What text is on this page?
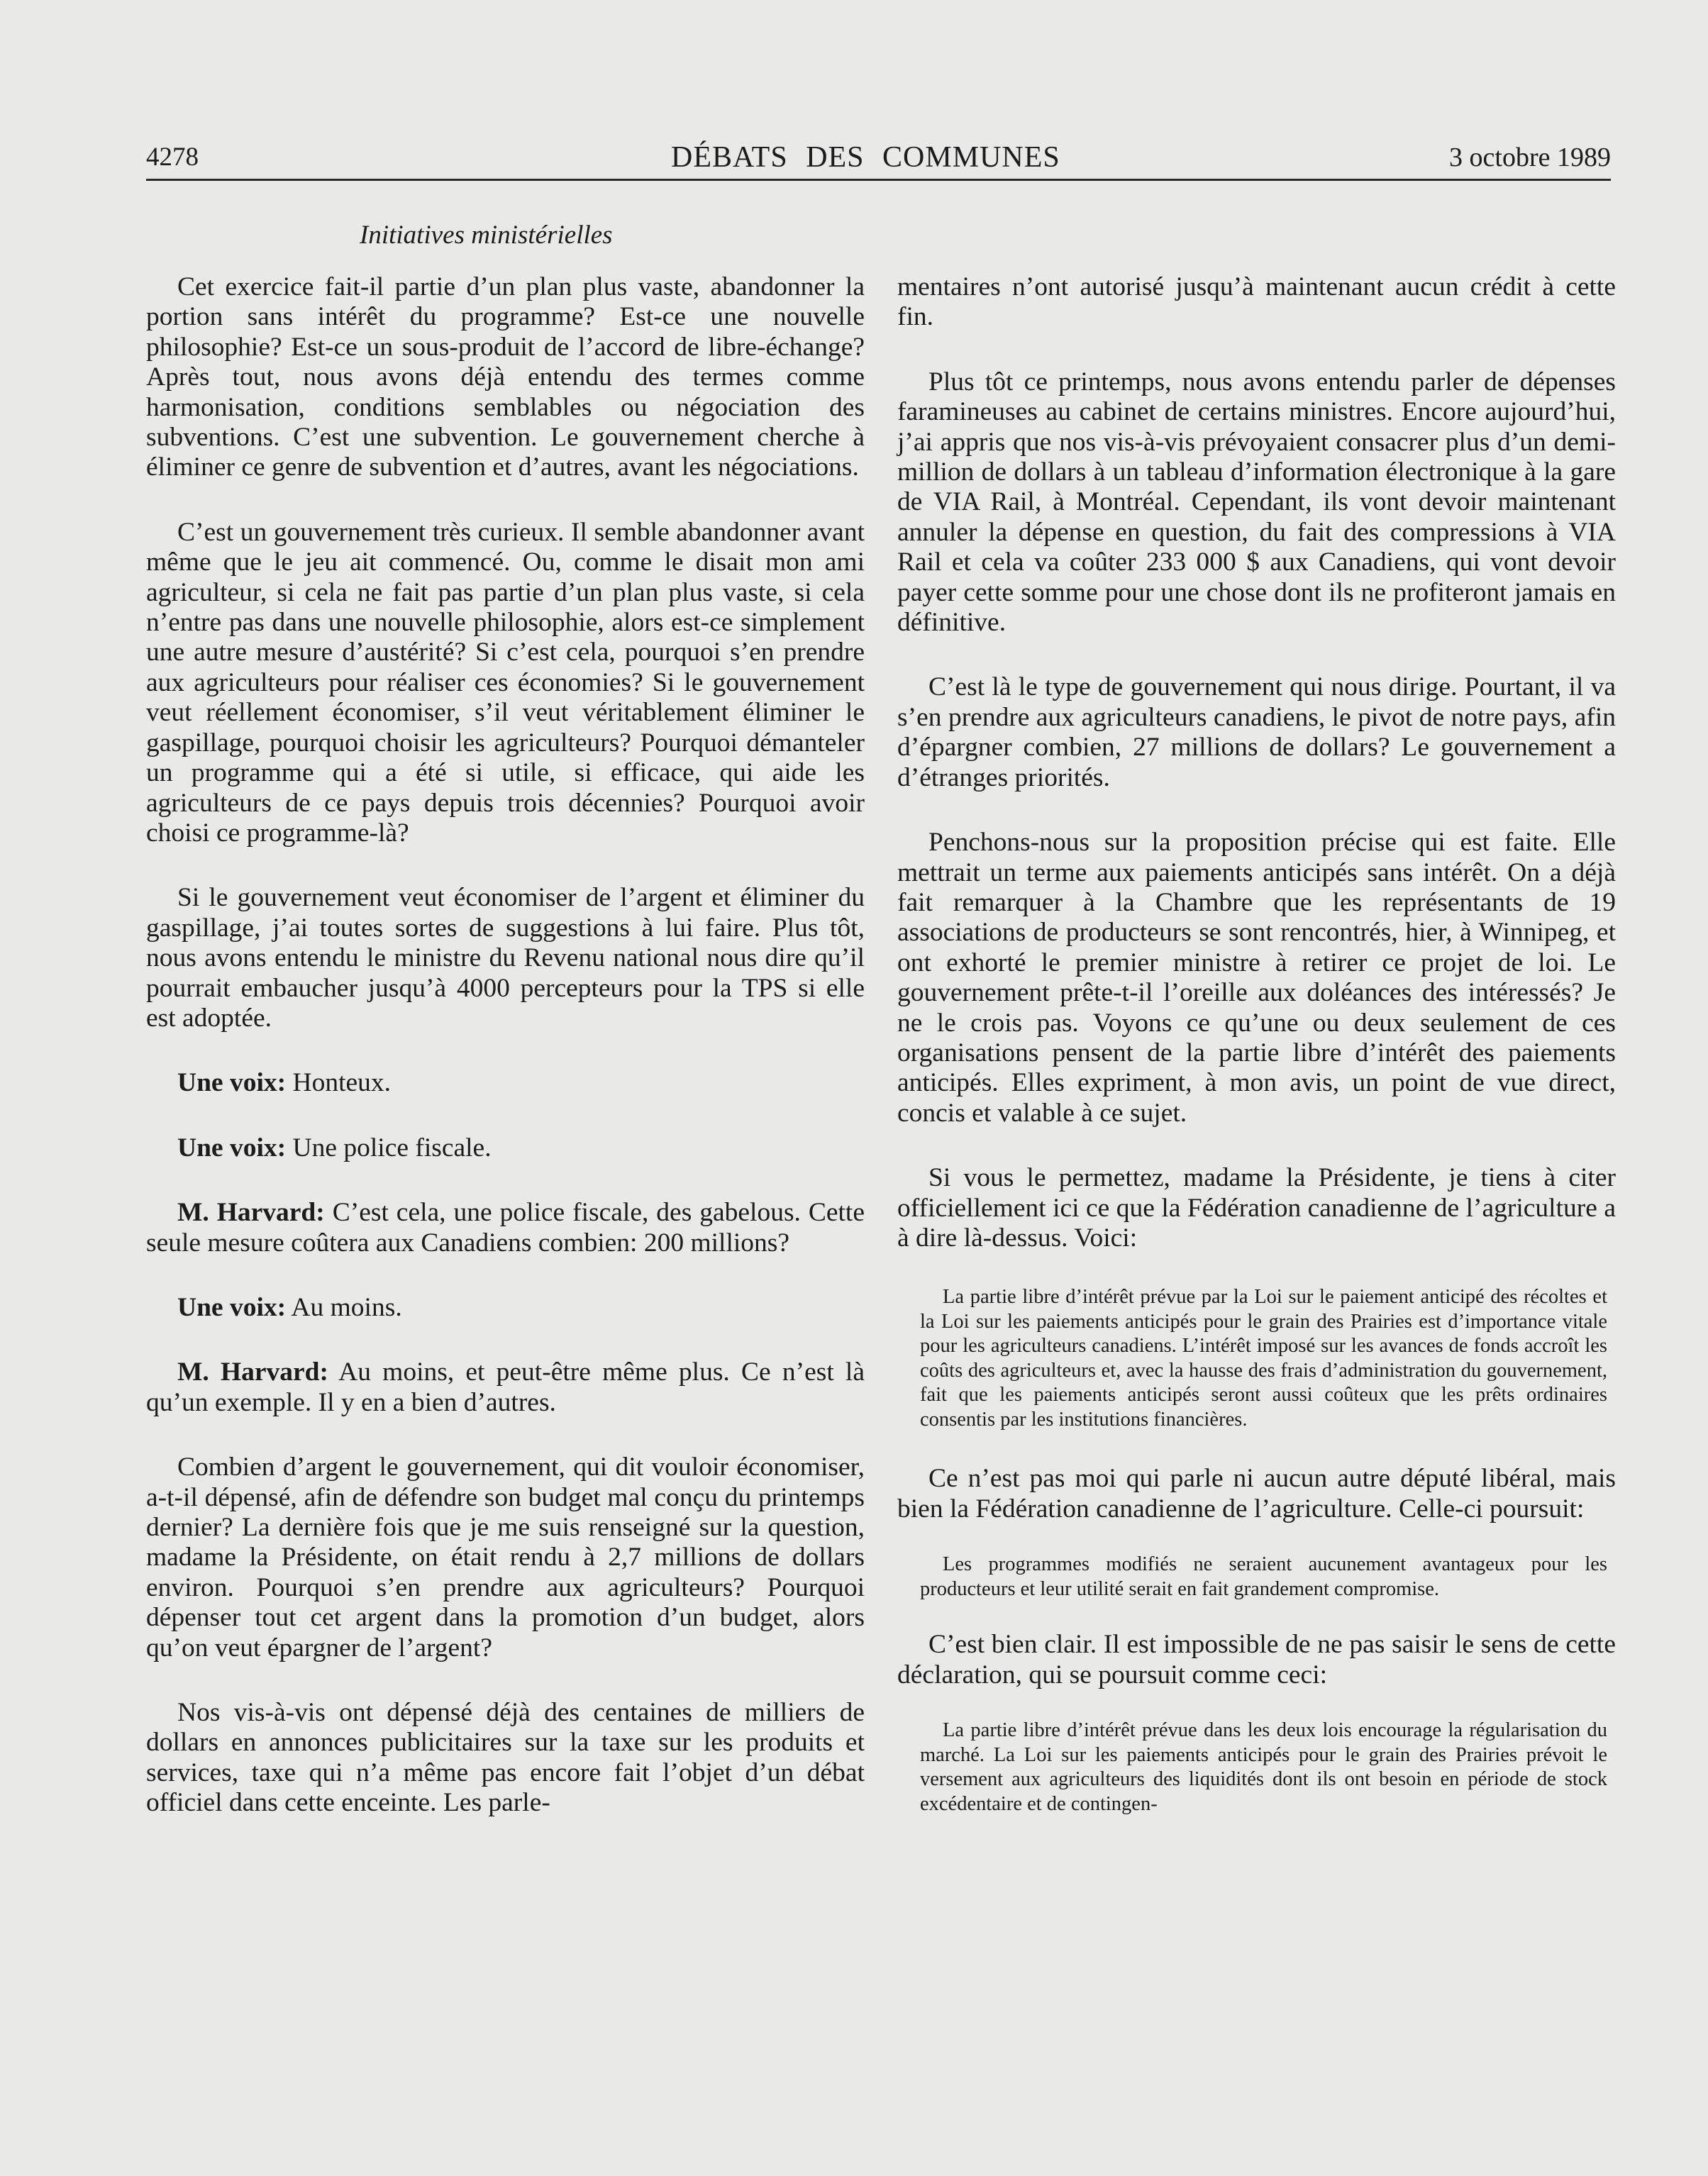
4278	DÉBATS DES COMMUNES	3 octobre 1989
Initiatives ministérielles

Cet exercice fait-il partie d’un plan plus vaste, abandonner la portion sans intérêt du programme? Est-ce une nouvelle philosophie? Est-ce un sous-produit de l’accord de libre-échange? Après tout, nous avons déjà entendu des termes comme harmonisation, conditions semblables ou négociation des subventions. C’est une subvention. Le gouvernement cherche à éliminer ce genre de subvention et d’autres, avant les négociations.

C’est un gouvernement très curieux. Il semble abandonner avant même que le jeu ait commencé. Ou, comme le disait mon ami agriculteur, si cela ne fait pas partie d’un plan plus vaste, si cela n’entre pas dans une nouvelle philosophie, alors est-ce simplement une autre mesure d’austérité? Si c’est cela, pourquoi s’en prendre aux agriculteurs pour réaliser ces économies? Si le gouvernement veut réellement économiser, s’il veut véritablement éliminer le gaspillage, pourquoi choisir les agriculteurs? Pourquoi démanteler un programme qui a été si utile, si efficace, qui aide les agriculteurs de ce pays depuis trois décennies? Pourquoi avoir choisi ce programme-là?

Si le gouvernement veut économiser de l’argent et éliminer du gaspillage, j’ai toutes sortes de suggestions à lui faire. Plus tôt, nous avons entendu le ministre du Revenu national nous dire qu’il pourrait embaucher jusqu’à 4000 percepteurs pour la TPS si elle est adoptée.

Une voix: Honteux.

Une voix: Une police fiscale.

M. Harvard: C’est cela, une police fiscale, des gabelous. Cette seule mesure coûtera aux Canadiens combien: 200 millions?

Une voix: Au moins.

M. Harvard: Au moins, et peut-être même plus. Ce n’est là qu’un exemple. Il y en a bien d’autres.

Combien d’argent le gouvernement, qui dit vouloir économiser, a-t-il dépensé, afin de défendre son budget mal conçu du printemps dernier? La dernière fois que je me suis renseigné sur la question, madame la Présidente, on était rendu à 2,7 millions de dollars environ. Pourquoi s’en prendre aux agriculteurs? Pourquoi dépenser tout cet argent dans la promotion d’un budget, alors qu’on veut épargner de l’argent?

Nos vis-à-vis ont dépensé déjà des centaines de milliers de dollars en annonces publicitaires sur la taxe sur les produits et services, taxe qui n’a même pas encore fait l’objet d’un débat officiel dans cette enceinte. Les parle-

mentaires n’ont autorisé jusqu’à maintenant aucun crédit à cette fin.

Plus tôt ce printemps, nous avons entendu parler de dépenses faramineuses au cabinet de certains ministres. Encore aujourd’hui, j’ai appris que nos vis-à-vis prévoyaient consacrer plus d’un demi-million de dollars à un tableau d’information électronique à la gare de VIA Rail, à Montréal. Cependant, ils vont devoir maintenant annuler la dépense en question, du fait des compressions à VIA Rail et cela va coûter 233 000 $ aux Canadiens, qui vont devoir payer cette somme pour une chose dont ils ne profiteront jamais en définitive.

C’est là le type de gouvernement qui nous dirige. Pourtant, il va s’en prendre aux agriculteurs canadiens, le pivot de notre pays, afin d’épargner combien, 27 millions de dollars? Le gouvernement a d’étranges priorités.

Penchons-nous sur la proposition précise qui est faite. Elle mettrait un terme aux paiements anticipés sans intérêt. On a déjà fait remarquer à la Chambre que les représentants de 19 associations de producteurs se sont rencontrés, hier, à Winnipeg, et ont exhorté le premier ministre à retirer ce projet de loi. Le gouvernement prête-t-il l’oreille aux doléances des intéressés? Je ne le crois pas. Voyons ce qu’une ou deux seulement de ces organisations pensent de la partie libre d’intérêt des paiements anticipés. Elles expriment, à mon avis, un point de vue direct, concis et valable à ce sujet.

Si vous le permettez, madame la Présidente, je tiens à citer officiellement ici ce que la Fédération canadienne de l’agriculture a à dire là-dessus. Voici:

La partie libre d’intérêt prévue par la Loi sur le paiement anticipé des récoltes et la Loi sur les paiements anticipés pour le grain des Prairies est d’importance vitale pour les agriculteurs canadiens. L’intérêt imposé sur les avances de fonds accroît les coûts des agriculteurs et, avec la hausse des frais d’administration du gouvernement, fait que les paiements anticipés seront aussi coûteux que les prêts ordinaires consentis par les institutions financières.

Ce n’est pas moi qui parle ni aucun autre député libéral, mais bien la Fédération canadienne de l’agriculture. Celle-ci poursuit:

Les programmes modifiés ne seraient aucunement avantageux pour les producteurs et leur utilité serait en fait grandement compromise.

C’est bien clair. Il est impossible de ne pas saisir le sens de cette déclaration, qui se poursuit comme ceci:

La partie libre d’intérêt prévue dans les deux lois encourage la régularisation du marché. La Loi sur les paiements anticipés pour le grain des Prairies prévoit le versement aux agriculteurs des liquidités dont ils ont besoin en période de stock excédentaire et de contingen-
